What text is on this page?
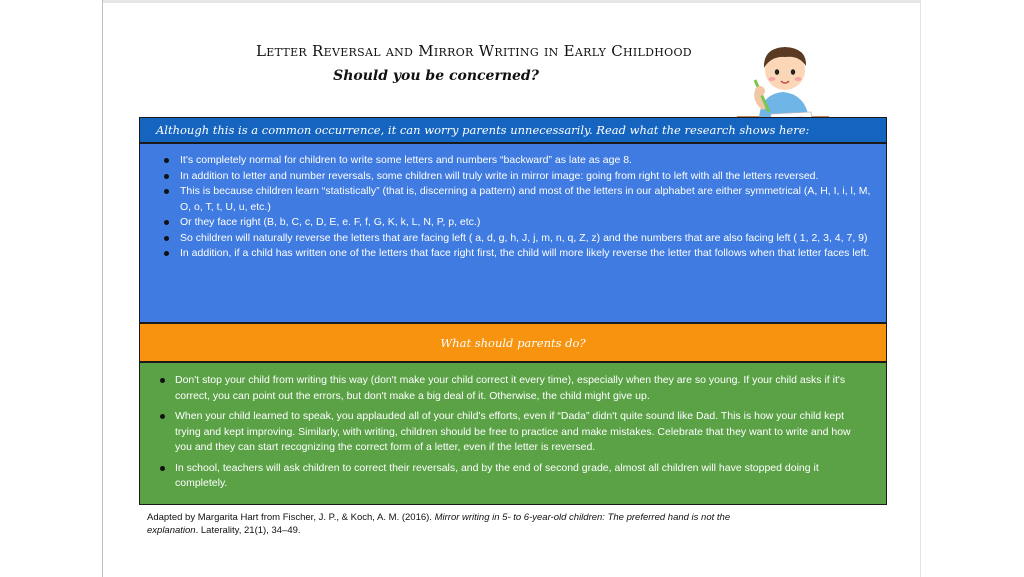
Letter Reversal and Mirror Writing in Early Childhood
Should you be concerned?
Although this is a common occurrence, it can worry parents unnecessarily. Read what the research shows here:
It's completely normal for children to write some letters and numbers “backward” as late as age 8.
In addition to letter and number reversals, some children will truly write in mirror image: going from right to left with all the letters reversed.
This is because children learn “statistically” (that is, discerning a pattern) and most of the letters in our alphabet are either symmetrical (A, H, I, i, l, M, O, o, T, t, U, u, etc.)
Or they face right (B, b, C, c, D, E, e. F, f, G, K, k, L, N, P, p, etc.)
So children will naturally reverse the letters that are facing left ( a, d, g, h, J, j, m, n, q, Z, z) and the numbers that are also facing left ( 1, 2, 3, 4, 7, 9)
In addition, if a child has written one of the letters that face right first, the child will more likely reverse the letter that follows when that letter faces left.
What should parents do?
Don't stop your child from writing this way (don't make your child correct it every time), especially when they are so young. If your child asks if it's correct, you can point out the errors, but don't make a big deal of it. Otherwise, the child might give up.
When your child learned to speak, you applauded all of your child's efforts, even if “Dada” didn't quite sound like Dad. This is how your child kept trying and kept improving. Similarly, with writing, children should be free to practice and make mistakes. Celebrate that they want to write and how you and they can start recognizing the correct form of a letter, even if the letter is reversed.
In school, teachers will ask children to correct their reversals, and by the end of second grade, almost all children will have stopped doing it completely.
Adapted by Margarita Hart from Fischer, J. P., & Koch, A. M. (2016). Mirror writing in 5- to 6-year-old children: The preferred hand is not the explanation. Laterality, 21(1), 34–49.
